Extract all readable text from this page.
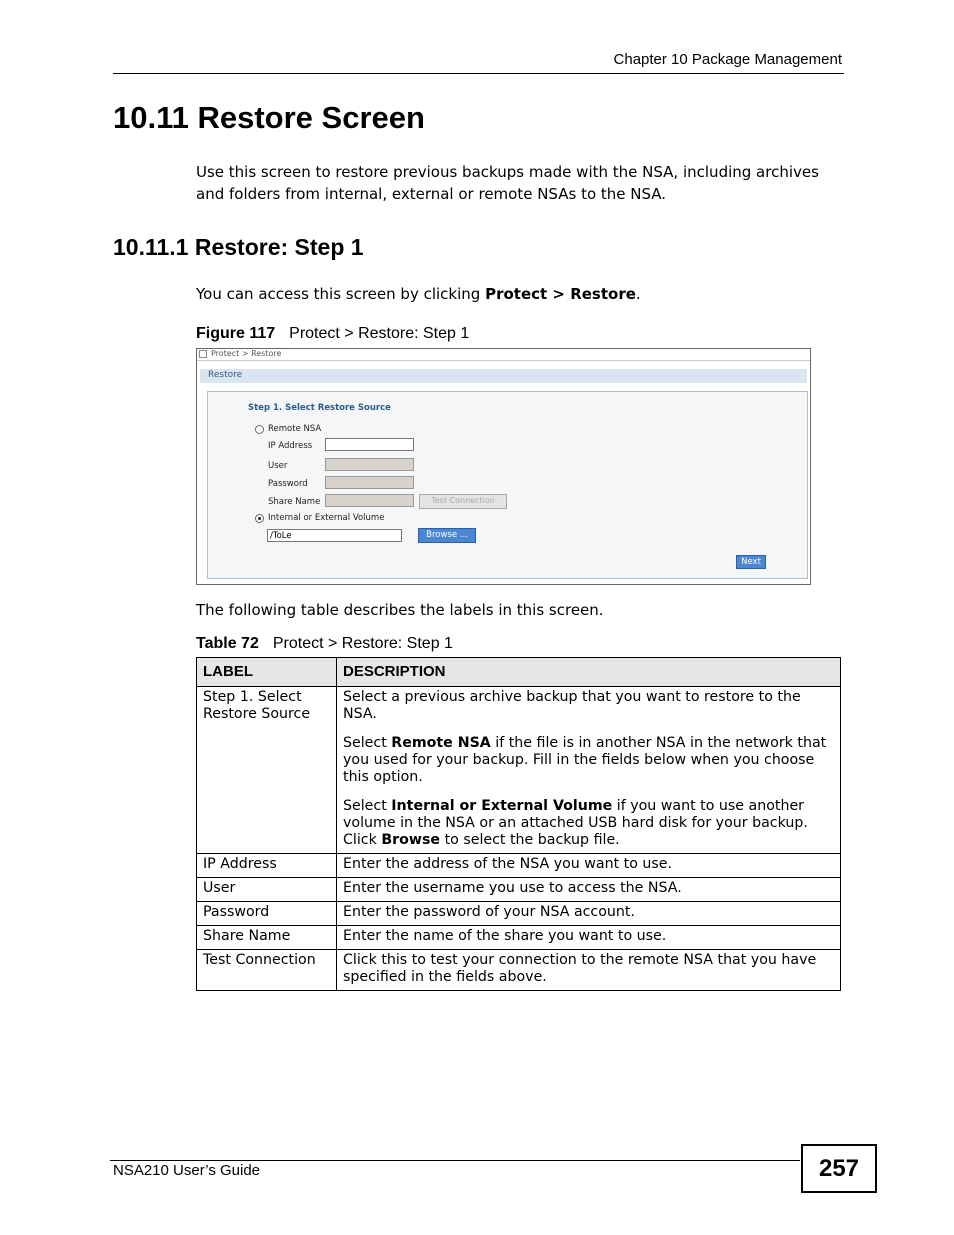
Chapter 10 Package Management
10.11 Restore Screen
Use this screen to restore previous backups made with the NSA, including archives and folders from internal, external or remote NSAs to the NSA.
10.11.1 Restore: Step 1
You can access this screen by clicking Protect > Restore.
Figure 117 Protect > Restore: Step 1
Protect > Restore
Restore
Step 1. Select Restore Source
Remote NSA
IP Address
User
Password
Share Name	Test Connection
Internal or External Volume
/ToLe	Browse ...
Next
The following table describes the labels in this screen.
Table 72 Protect > Restore: Step 1
LABEL	DESCRIPTION
Step 1. Select Restore Source	Select a previous archive backup that you want to restore to the NSA.

Select Remote NSA if the file is in another NSA in the network that you used for your backup. Fill in the fields below when you choose this option.

Select Internal or External Volume if you want to use another volume in the NSA or an attached USB hard disk for your backup. Click Browse to select the backup file.

IP Address	Enter the address of the NSA you want to use.
User	Enter the username you use to access the NSA.
Password	Enter the password of your NSA account.
Share Name	Enter the name of the share you want to use.
Test Connection	Click this to test your connection to the remote NSA that you have specified in the fields above.
NSA210 User’s Guide	257
